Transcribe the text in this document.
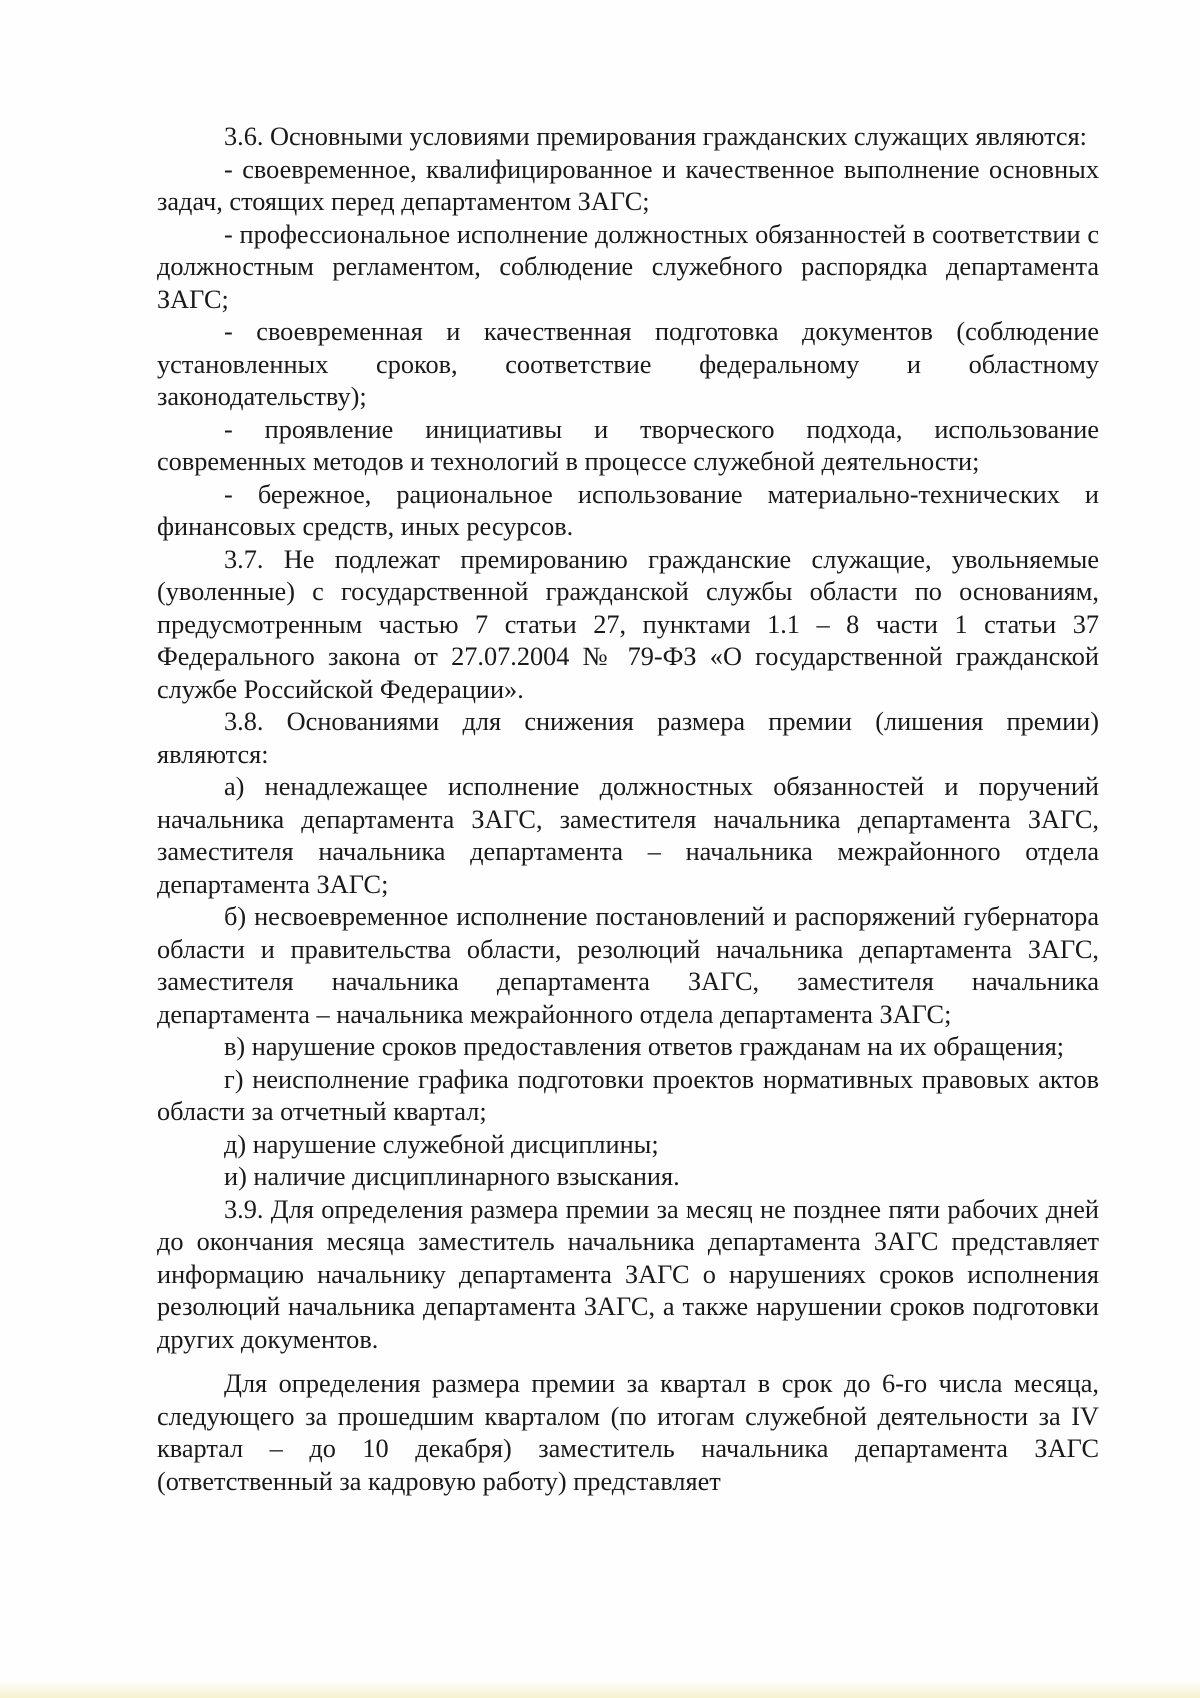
3.6. Основными условиями премирования гражданских служащих являются:

- своевременное, квалифицированное и качественное выполнение основных задач, стоящих перед департаментом ЗАГС;

- профессиональное исполнение должностных обязанностей в соответствии с должностным регламентом, соблюдение служебного распорядка департамента ЗАГС;

- своевременная и качественная подготовка документов (соблюдение установленных сроков, соответствие федеральному и областному законодательству);

- проявление инициативы и творческого подхода, использование современных методов и технологий в процессе служебной деятельности;

- бережное, рациональное использование материально-технических и финансовых средств, иных ресурсов.

3.7. Не подлежат премированию гражданские служащие, увольняемые (уволенные) с государственной гражданской службы области по основаниям, предусмотренным частью 7 статьи 27, пунктами 1.1 – 8 части 1 статьи 37 Федерального закона от 27.07.2004 № 79-ФЗ «О государственной гражданской службе Российской Федерации».

3.8. Основаниями для снижения размера премии (лишения премии) являются:

а) ненадлежащее исполнение должностных обязанностей и поручений начальника департамента ЗАГС, заместителя начальника департамента ЗАГС, заместителя начальника департамента – начальника межрайонного отдела департамента ЗАГС;

б) несвоевременное исполнение постановлений и распоряжений губернатора области и правительства области, резолюций начальника департамента ЗАГС, заместителя начальника департамента ЗАГС, заместителя начальника департамента – начальника межрайонного отдела департамента ЗАГС;

в) нарушение сроков предоставления ответов гражданам на их обращения;

г) неисполнение графика подготовки проектов нормативных правовых актов области за отчетный квартал;

д) нарушение служебной дисциплины;

и) наличие дисциплинарного взыскания.

3.9. Для определения размера премии за месяц не позднее пяти рабочих дней до окончания месяца заместитель начальника департамента ЗАГС представляет информацию начальнику департамента ЗАГС о нарушениях сроков исполнения резолюций начальника департамента ЗАГС, а также нарушении сроков подготовки других документов.

Для определения размера премии за квартал в срок до 6-го числа месяца, следующего за прошедшим кварталом (по итогам служебной деятельности за IV квартал – до 10 декабря) заместитель начальника департамента ЗАГС (ответственный за кадровую работу) представляет
